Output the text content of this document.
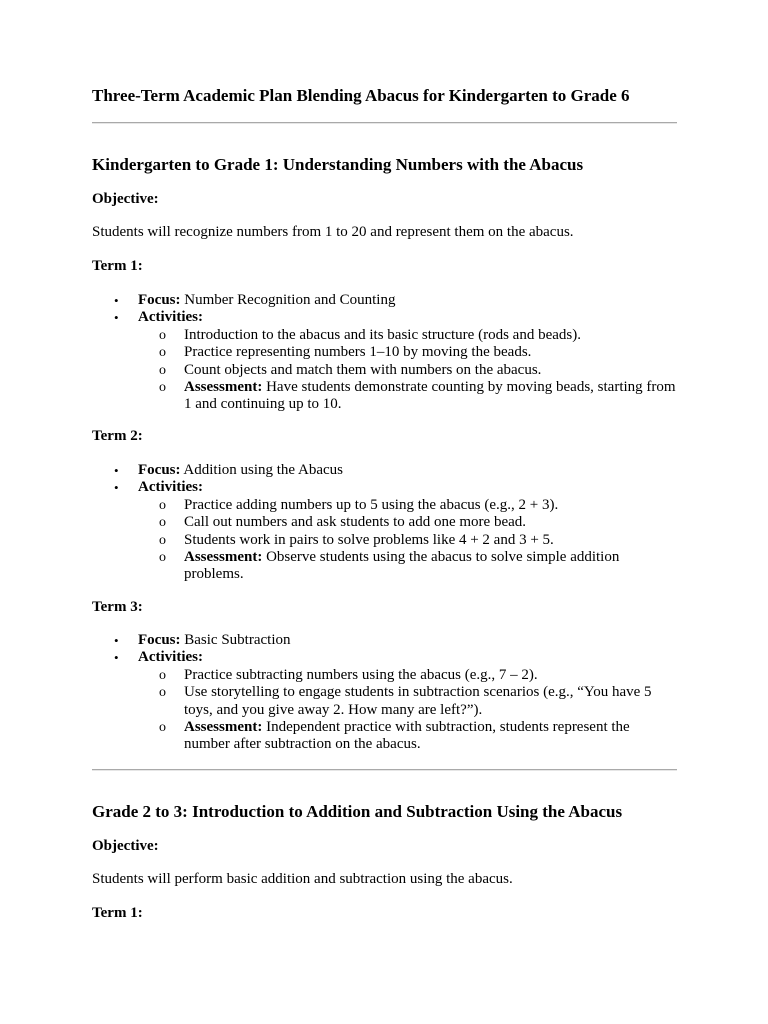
Three-Term Academic Plan Blending Abacus for Kindergarten to Grade 6
Kindergarten to Grade 1: Understanding Numbers with the Abacus

Objective:

Students will recognize numbers from 1 to 20 and represent them on the abacus.

Term 1:

• Focus: Number Recognition and Counting
• Activities:
o Introduction to the abacus and its basic structure (rods and beads).
o Practice representing numbers 1–10 by moving the beads.
o Count objects and match them with numbers on the abacus.
o Assessment: Have students demonstrate counting by moving beads, starting from 1 and continuing up to 10.

Term 2:

• Focus: Addition using the Abacus
• Activities:
o Practice adding numbers up to 5 using the abacus (e.g., 2 + 3).
o Call out numbers and ask students to add one more bead.
o Students work in pairs to solve problems like 4 + 2 and 3 + 5.
o Assessment: Observe students using the abacus to solve simple addition problems.

Term 3:

• Focus: Basic Subtraction
• Activities:
o Practice subtracting numbers using the abacus (e.g., 7 – 2).
o Use storytelling to engage students in subtraction scenarios (e.g., “You have 5 toys, and you give away 2. How many are left?”).
o Assessment: Independent practice with subtraction, students represent the number after subtraction on the abacus.
Grade 2 to 3: Introduction to Addition and Subtraction Using the Abacus

Objective:

Students will perform basic addition and subtraction using the abacus.

Term 1:
